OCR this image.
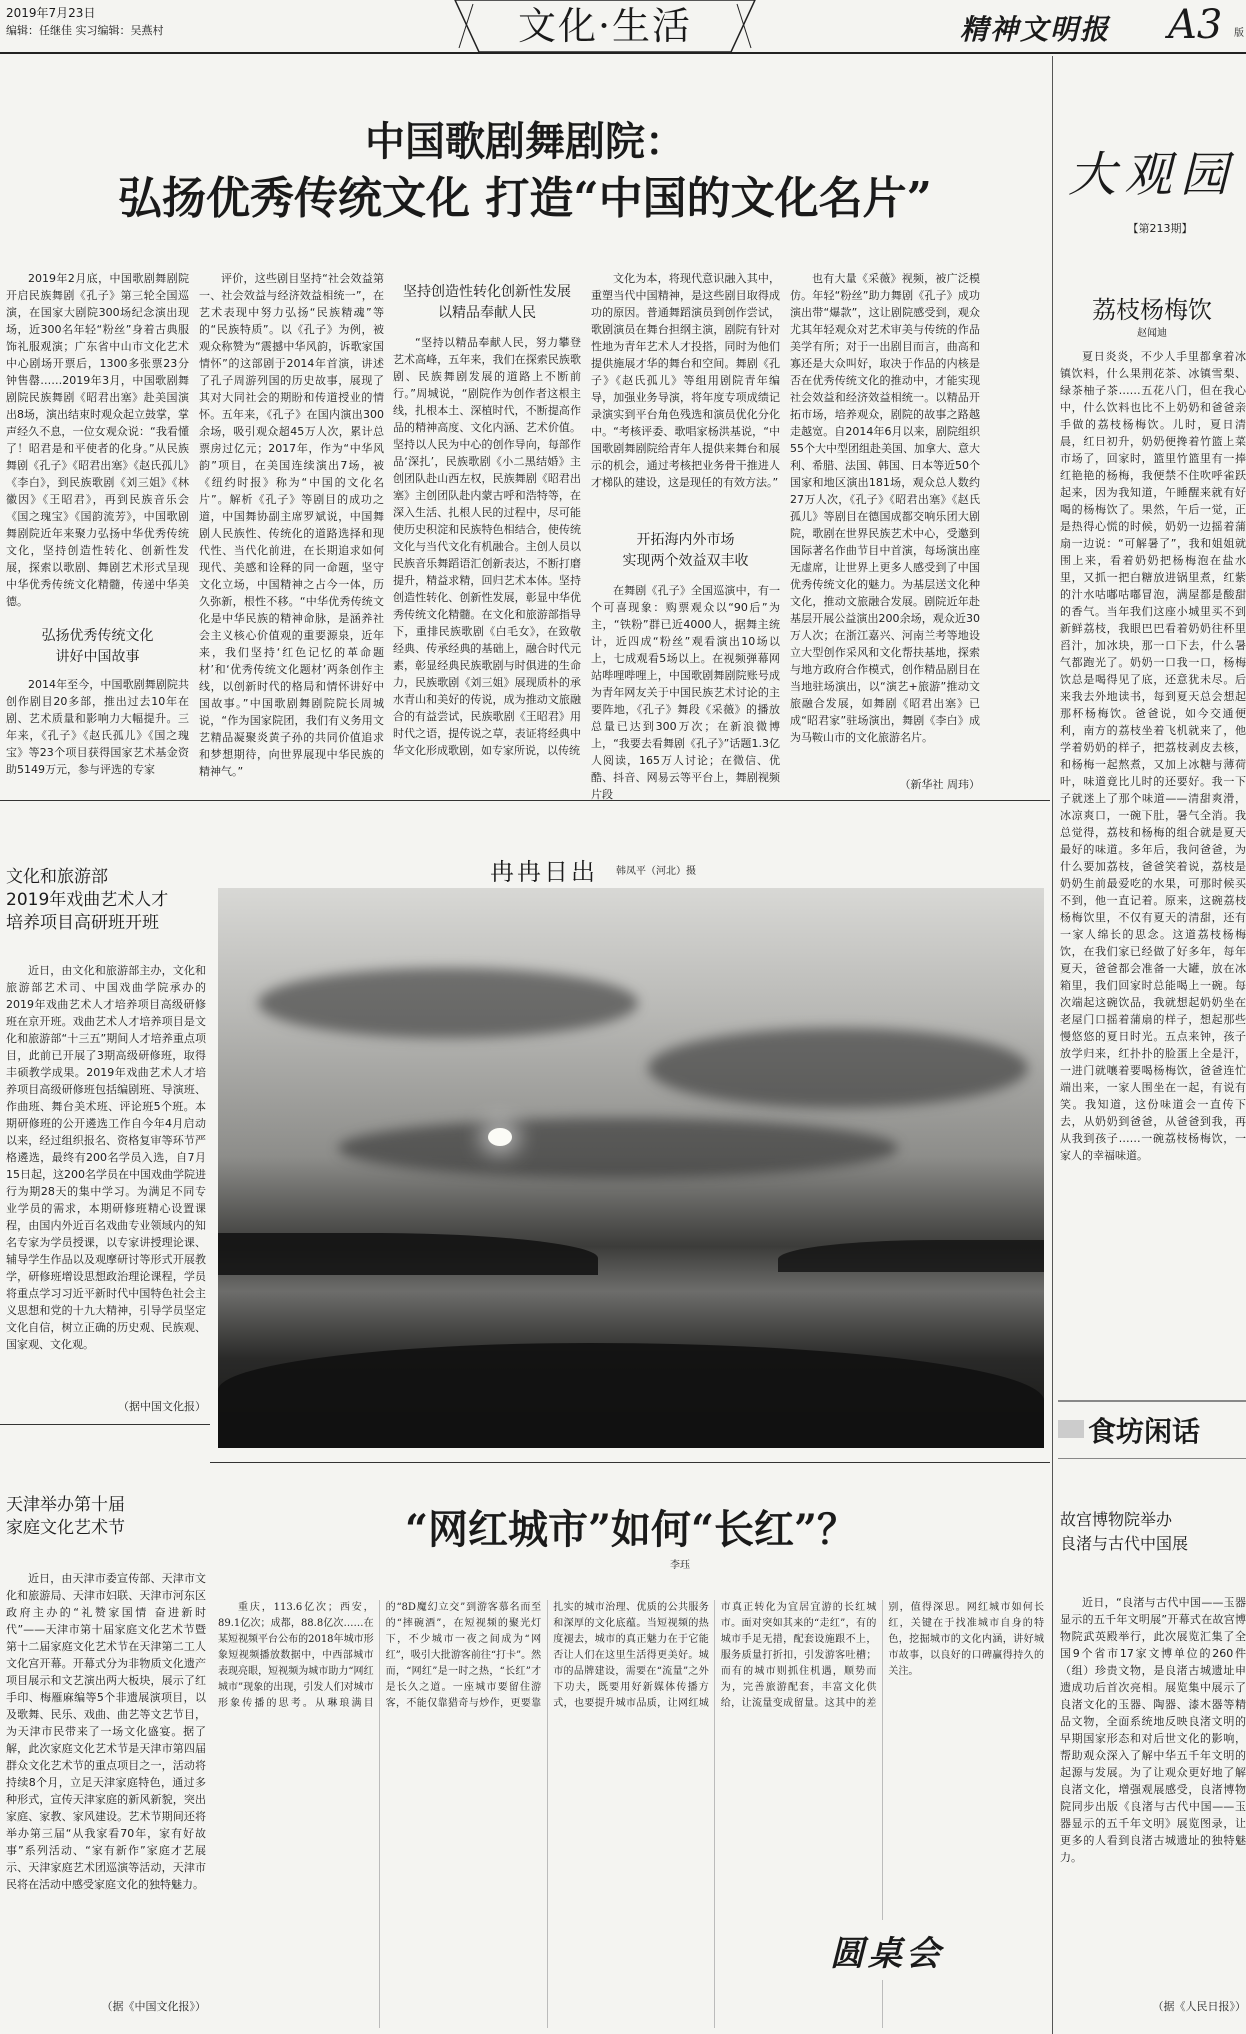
2019年7月23日
编辑：任继佳 实习编辑：吴燕村	文化·生活	精神文明报 A3 版
中国歌剧舞剧院：
弘扬优秀传统文化 打造“中国的文化名片”

2019年2月底，中国歌剧舞剧院开启民族舞剧《孔子》第三轮全国巡演，在国家大剧院300场纪念演出现场，近300名年轻“粉丝”身着古典服饰礼服观演；广东省中山市文化艺术中心剧场开票后，1300多张票23分钟售罄……2019年3月，中国歌剧舞剧院民族舞剧《昭君出塞》赴美国演出8场，演出结束时观众起立鼓掌，掌声经久不息，一位女观众说：“我看懂了！昭君是和平使者的化身。”从民族舞剧《孔子》《昭君出塞》《赵氏孤儿》《李白》，到民族歌剧《刘三姐》《林徽因》《王昭君》，再到民族音乐会《国之瑰宝》《国韵流芳》，中国歌剧舞剧院近年来聚力弘扬中华优秀传统文化，坚持创造性转化、创新性发展，探索以歌剧、舞剧艺术形式呈现中华优秀传统文化精髓，传递中华美德。

弘扬优秀传统文化
讲好中国故事

2014年至今，中国歌剧舞剧院共创作剧目20多部，推出过去10年在剧、艺术质量和影响力大幅提升。三年来，《孔子》《赵氏孤儿》《国之瑰宝》等23个项目获得国家艺术基金资助5149万元，参与评选的专家

评价，这些剧目坚持“社会效益第一、社会效益与经济效益相统一”，在艺术表现中努力弘扬“民族精魂”等的“民族特质”。以《孔子》为例，被观众称赞为“震撼中华风韵，诉歌家国情怀”的这部剧于2014年首演，讲述了孔子周游列国的历史故事，展现了其对大同社会的期盼和传道授业的情怀。五年来，《孔子》在国内演出300余场，吸引观众超45万人次，累计总票房过亿元；2017年，作为“中华风韵”项目，在美国连续演出7场，被《纽约时报》称为“中国的文化名片”。解析《孔子》等剧目的成功之道，中国舞协副主席罗斌说，中国舞剧人民族性、传统化的道路选择和现代性、当代化前进，在长期追求如何现代、美感和诠释的同一命题，坚守文化立场，中国精神之占今一体，历久弥新，根性不移。“中华优秀传统文化是中华民族的精神命脉，是涵养社会主义核心价值观的重要源泉，近年来，我们坚持‘红色记忆的革命题材’和‘优秀传统文化题材’两条创作主线，以创新时代的格局和情怀讲好中国故事。”中国歌剧舞剧院院长周城说，“作为国家院团，我们有义务用文艺精品凝聚炎黄子孙的共同价值追求和梦想期待，向世界展现中华民族的精神气。”

坚持创造性转化创新性发展
以精品奉献人民

“坚持以精品奉献人民，努力攀登艺术高峰，五年来，我们在探索民族歌剧、民族舞剧发展的道路上不断前行。”周城说，“剧院作为创作者这根主线，扎根本土、深植时代，不断提高作品的精神高度、文化内涵、艺术价值。坚持以人民为中心的创作导向，每部作品‘深扎’，民族歌剧《小二黑结婚》主创团队赴山西左权，民族舞剧《昭君出塞》主创团队赴内蒙古呼和浩特等，在深入生活、扎根人民的过程中，尽可能使历史积淀和民族特色相结合，使传统文化与当代文化有机融合。主创人员以民族音乐舞蹈语汇创新表达，不断打磨提升，精益求精，回归艺术本体。坚持创造性转化、创新性发展，彰显中华优秀传统文化精髓。在文化和旅游部指导下，重排民族歌剧《白毛女》，在致敬经典、传承经典的基础上，融合时代元素，彰显经典民族歌剧与时俱进的生命力，民族歌剧《刘三姐》展现质朴的承水青山和美好的传说，成为推动文旅融合的有益尝试，民族歌剧《王昭君》用时代之语，提传说之草，表证将经典中华文化形成歌剧，如专家所说，以传统

文化为本，将现代意识融入其中，重塑当代中国精神，是这些剧目取得成功的原因。普通舞蹈演员到创作尝试，歌剧演员在舞台担纲主演，剧院有针对性地为青年艺术人才投搭，同时为他们提供施展才华的舞台和空间。舞剧《孔子》《赵氏孤儿》等组用剧院青年编导，加强业务导演，将年度专项成绩记录演实到平台角色残选和演员优化分化中。“考核评委、歌唱家杨洪基说，“中国歌剧舞剧院给青年人提供来舞台和展示的机会，通过考核把业务骨干推进人才梯队的建设，这是现任的有效方法。”

开拓海内外市场
实现两个效益双丰收

在舞剧《孔子》全国巡演中，有一个可喜现象：购票观众以“90后”为主，“铁粉”群已近4000人，据舞主统计，近四成“粉丝”观看演出10场以上，七成观看5场以上。在视频弹幕网站哔哩哔哩上，中国歌剧舞剧院账号成为青年网友关于中国民族艺术讨论的主要阵地，《孔子》舞段《采薇》的播放总量已达到300万次；在新浪微博上，“我要去看舞剧《孔子》”话题1.3亿人阅读，165万人讨论；在微信、优酷、抖音、网易云等平台上，舞剧视频片段

也有大量《采薇》视频，被广泛模仿。年轻“粉丝”助力舞剧《孔子》成功演出带“爆款”，这让剧院感受到，观众尤其年轻观众对艺术审美与传统的作品美学有所；对于一出剧目而言，曲高和寡还是大众叫好，取决于作品的内核是否在优秀传统文化的推动中，才能实现社会效益和经济效益相统一。以精品开拓市场，培养观众，剧院的故事之路越走越宽。自2014年6月以来，剧院组织55个大中型团组赴美国、加拿大、意大利、希腊、法国、韩国、日本等近50个国家和地区演出181场，观众总人数约27万人次，《孔子》《昭君出塞》《赵氏孤儿》等剧目在德国成都交响乐团大剧院，歌剧在世界民族艺术中心，受邀到国际著名作曲节目中首演，每场演出座无虚席，让世界上更多人感受到了中国优秀传统文化的魅力。为基层送文化种文化，推动文旅融合发展。剧院近年赴基层开展公益演出200余场，观众近30万人次；在浙江嘉兴、河南兰考等地设立大型创作采风和文化帮扶基地，探索与地方政府合作模式，创作精品剧目在当地驻场演出，以“演艺+旅游”推动文旅融合发展，如舞剧《昭君出塞》已成“昭君家”驻场演出，舞剧《李白》成为马鞍山市的文化旅游名片。

（新华社 周玮）
文化和旅游部
2019年戏曲艺术人才
培养项目高研班开班

近日，由文化和旅游部主办，文化和旅游部艺术司、中国戏曲学院承办的2019年戏曲艺术人才培养项目高级研修班在京开班。戏曲艺术人才培养项目是文化和旅游部“十三五”期间人才培养重点项目，此前已开展了3期高级研修班，取得丰硕教学成果。2019年戏曲艺术人才培养项目高级研修班包括编剧班、导演班、作曲班、舞台美术班、评论班5个班。本期研修班的公开遴选工作自今年4月启动以来，经过组织报名、资格复审等环节严格遴选，最终有200名学员入选，自7月15日起，这200名学员在中国戏曲学院进行为期28天的集中学习。为满足不同专业学员的需求，本期研修班精心设置课程，由国内外近百名戏曲专业领域内的知名专家为学员授课，以专家讲授理论课、辅导学生作品以及观摩研讨等形式开展教学，研修班增设思想政治理论课程，学员将重点学习习近平新时代中国特色社会主义思想和党的十九大精神，引导学员坚定文化自信，树立正确的历史观、民族观、国家观、文化观。

（据中国文化报）
冉冉日出 韩凤平（河北）摄
天津举办第十届
家庭文化艺术节

近日，由天津市委宣传部、天津市文化和旅游局、天津市妇联、天津市河东区政府主办的“礼赞家国情 奋进新时代”——天津市第十届家庭文化艺术节暨第十二届家庭文化艺术节在天津第二工人文化宫开幕。开幕式分为非物质文化遗产项目展示和文艺演出两大板块，展示了红手印、梅雁麻编等5个非遗展演项目，以及歌舞、民乐、戏曲、曲艺等文艺节目，为天津市民带来了一场文化盛宴。据了解，此次家庭文化艺术节是天津市第四届群众文化艺术节的重点项目之一，活动将持续8个月，立足天津家庭特色，通过多种形式，宣传天津家庭的新风新貌，突出家庭、家教、家风建设。艺术节期间还将举办第三届“从我家看70年，家有好故事”系列活动、“家有新作”家庭才艺展示、天津家庭艺术团巡演等活动，天津市民将在活动中感受家庭文化的独特魅力。

（据《中国文化报》）
“网红城市”如何“长红”？
李珏

重庆，113.6亿次；西安，89.1亿次；成都，88.8亿次……在某短视频平台公布的2018年城市形象短视频播放数据中，中西部城市表现亮眼，短视频为城市助力“网红城市”现象的出现，引发人们对城市形象传播的思考。从琳琅满目的“8D魔幻立交”到游客慕名而至的“摔碗酒”，在短视频的聚光灯下，不少城市一夜之间成为“网红”，吸引大批游客前往“打卡”。然而，“网红”是一时之热，“长红”才是长久之道。一座城市要留住游客，不能仅靠猎奇与炒作，更要靠扎实的城市治理、优质的公共服务和深厚的文化底蕴。当短视频的热度褪去，城市的真正魅力在于它能否让人们在这里生活得更美好。城市的品牌建设，需要在“流量”之外下功夫，既要用好新媒体传播方式，也要提升城市品质，让网红城市真正转化为宜居宜游的长红城市。面对突如其来的“走红”，有的城市手足无措，配套设施跟不上，服务质量打折扣，引发游客吐槽；而有的城市则抓住机遇，顺势而为，完善旅游配套，丰富文化供给，让流量变成留量。这其中的差别，值得深思。网红城市如何长红，关键在于找准城市自身的特色，挖掘城市的文化内涵，讲好城市故事，以良好的口碑赢得持久的关注。

圆桌会
大观园
【第213期】
荔枝杨梅饮
赵闻迪

夏日炎炎，不少人手里都拿着冰镇饮料，什么果荆花茶、冰镇雪梨、绿茶柚子茶……五花八门，但在我心中，什么饮料也比不上奶奶和爸爸亲手做的荔枝杨梅饮。儿时，夏日清晨，红日初升，奶奶便搀着竹篮上菜市场了，回家时，篮里竹篮里有一捧红艳艳的杨梅，我便禁不住吹呼雀跃起来，因为我知道，午睡醒来就有好喝的杨梅饮了。果然，午后一觉，正是热得心慌的时候，奶奶一边摇着蒲扇一边说：“可解暑了”，我和姐姐就围上来，看着奶奶把杨梅泡在盐水里，又抓一把白糖放进锅里煮，红紫的汁水咕嘟咕嘟冒泡，满屋都是酸甜的香气。当年我们这座小城里买不到新鲜荔枝，我眼巴巴看着奶奶往杯里舀汁，加冰块，那一口下去，什么暑气都跑光了。奶奶一口我一口，杨梅饮总是喝得见了底，还意犹未尽。后来我去外地读书，每到夏天总会想起那杯杨梅饮。爸爸说，如今交通便利，南方的荔枝坐着飞机就来了，他学着奶奶的样子，把荔枝剥皮去核，和杨梅一起熬煮，又加上冰糖与薄荷叶，味道竟比儿时的还要好。我一下子就迷上了那个味道——清甜爽滑，冰凉爽口，一碗下肚，暑气全消。我总觉得，荔枝和杨梅的组合就是夏天最好的味道。多年后，我问爸爸，为什么要加荔枝，爸爸笑着说，荔枝是奶奶生前最爱吃的水果，可那时候买不到，他一直记着。原来，这碗荔枝杨梅饮里，不仅有夏天的清甜，还有一家人绵长的思念。这道荔枝杨梅饮，在我们家已经做了好多年，每年夏天，爸爸都会准备一大罐，放在冰箱里，我们回家时总能喝上一碗。每次端起这碗饮品，我就想起奶奶坐在老屋门口摇着蒲扇的样子，想起那些慢悠悠的夏日时光。五点来钟，孩子放学归来，红扑扑的脸蛋上全是汗，一进门就嚷着要喝杨梅饮，爸爸连忙端出来，一家人围坐在一起，有说有笑。我知道，这份味道会一直传下去，从奶奶到爸爸，从爸爸到我，再从我到孩子……一碗荔枝杨梅饮，一家人的幸福味道。

食坊闲话
故宫博物院举办
良渚与古代中国展

近日，“良渚与古代中国——玉器显示的五千年文明展”开幕式在故宫博物院武英殿举行，此次展览汇集了全国9个省市17家文博单位的260件（组）珍贵文物，是良渚古城遗址申遗成功后首次亮相。展览集中展示了良渚文化的玉器、陶器、漆木器等精品文物，全面系统地反映良渚文明的早期国家形态和对后世文化的影响，帮助观众深入了解中华五千年文明的起源与发展。为了让观众更好地了解良渚文化，增强观展感受，良渚博物院同步出版《良渚与古代中国——玉器显示的五千年文明》展览图录，让更多的人看到良渚古城遗址的独特魅力。

（据《人民日报》）
